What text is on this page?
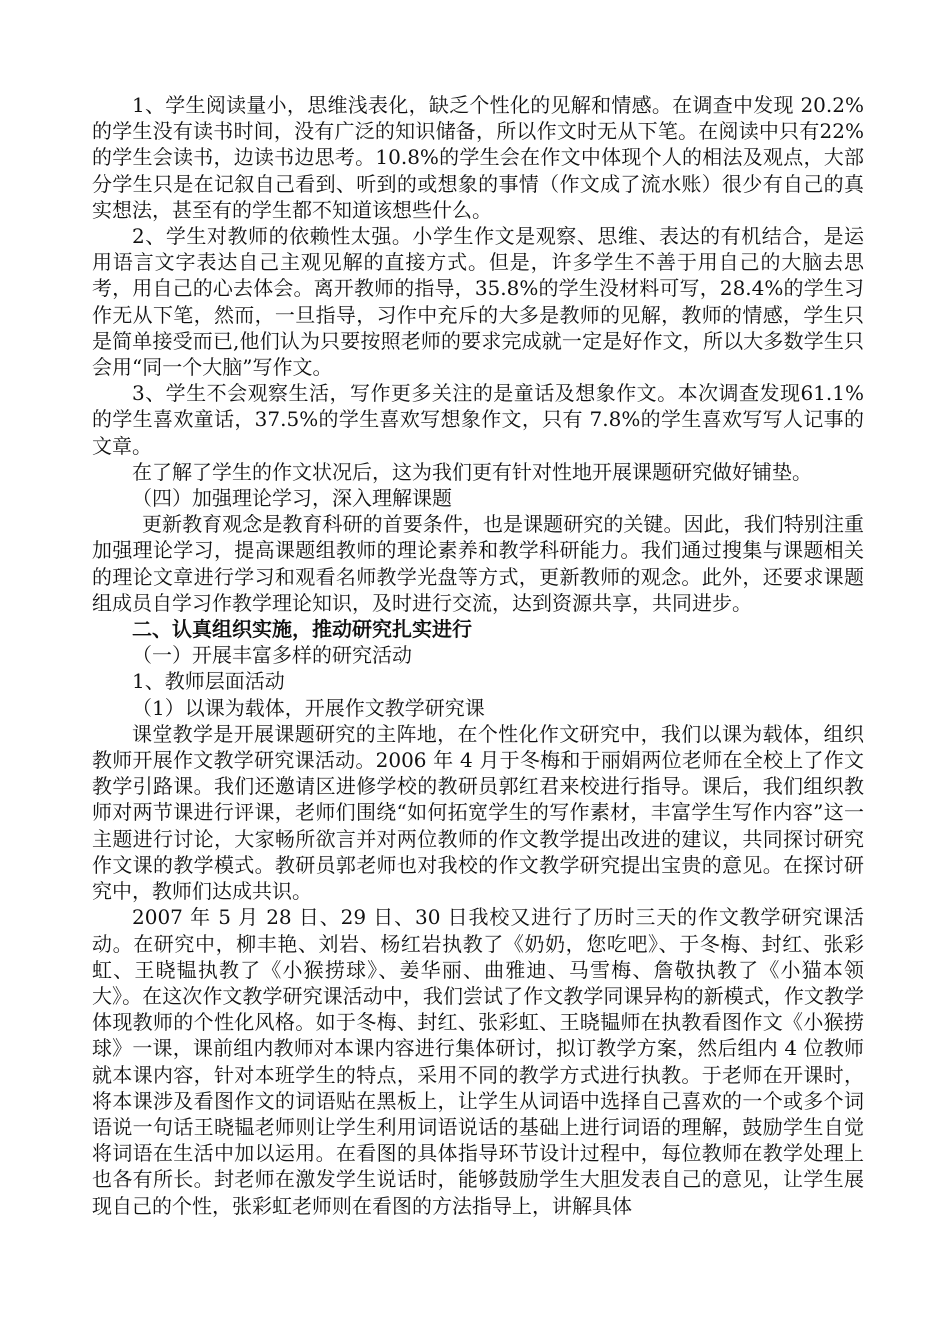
1、学生阅读量小，思维浅表化，缺乏个性化的见解和情感。在调查中发现 20.2%的学生没有读书时间，没有广泛的知识储备，所以作文时无从下笔。在阅读中只有22%的学生会读书，边读书边思考。10.8%的学生会在作文中体现个人的相法及观点，大部分学生只是在记叙自己看到、听到的或想象的事情（作文成了流水账）很少有自己的真实想法，甚至有的学生都不知道该想些什么。

2、学生对教师的依赖性太强。小学生作文是观察、思维、表达的有机结合，是运用语言文字表达自己主观见解的直接方式。但是，许多学生不善于用自己的大脑去思考，用自己的心去体会。离开教师的指导，35.8%的学生没材料可写，28.4%的学生习作无从下笔，然而，一旦指导，习作中充斥的大多是教师的见解，教师的情感，学生只是简单接受而已,他们认为只要按照老师的要求完成就一定是好作文，所以大多数学生只会用“同一个大脑”写作文。

3、学生不会观察生活，写作更多关注的是童话及想象作文。本次调查发现61.1%的学生喜欢童话，37.5%的学生喜欢写想象作文，只有 7.8%的学生喜欢写写人记事的文章。

在了解了学生的作文状况后，这为我们更有针对性地开展课题研究做好铺垫。

（四）加强理论学习，深入理解课题

更新教育观念是教育科研的首要条件，也是课题研究的关键。因此，我们特别注重加强理论学习，提高课题组教师的理论素养和教学科研能力。我们通过搜集与课题相关的理论文章进行学习和观看名师教学光盘等方式，更新教师的观念。此外，还要求课题组成员自学习作教学理论知识，及时进行交流，达到资源共享，共同进步。

二、认真组织实施，推动研究扎实进行

（一）开展丰富多样的研究活动

1、教师层面活动

（1）以课为载体，开展作文教学研究课

课堂教学是开展课题研究的主阵地，在个性化作文研究中，我们以课为载体，组织教师开展作文教学研究课活动。2006 年 4 月于冬梅和于丽娟两位老师在全校上了作文教学引路课。我们还邀请区进修学校的教研员郭红君来校进行指导。课后，我们组织教师对两节课进行评课，老师们围绕“如何拓宽学生的写作素材，丰富学生写作内容”这一主题进行讨论，大家畅所欲言并对两位教师的作文教学提出改进的建议，共同探讨研究作文课的教学模式。教研员郭老师也对我校的作文教学研究提出宝贵的意见。在探讨研究中，教师们达成共识。

2007 年 5 月 28 日、29 日、30 日我校又进行了历时三天的作文教学研究课活动。在研究中，柳丰艳、刘岩、杨红岩执教了《奶奶，您吃吧》、于冬梅、封红、张彩虹、王晓韫执教了《小猴捞球》、姜华丽、曲雅迪、马雪梅、詹敬执教了《小猫本领大》。在这次作文教学研究课活动中，我们尝试了作文教学同课异构的新模式，作文教学体现教师的个性化风格。如于冬梅、封红、张彩虹、王晓韫师在执教看图作文《小猴捞球》一课，课前组内教师对本课内容进行集体研讨，拟订教学方案，然后组内 4 位教师就本课内容，针对本班学生的特点，采用不同的教学方式进行执教。于老师在开课时，将本课涉及看图作文的词语贴在黑板上，让学生从词语中选择自己喜欢的一个或多个词语说一句话王晓韫老师则让学生利用词语说话的基础上进行词语的理解，鼓励学生自觉将词语在生活中加以运用。在看图的具体指导环节设计过程中，每位教师在教学处理上也各有所长。封老师在激发学生说话时，能够鼓励学生大胆发表自己的意见，让学生展现自己的个性，张彩虹老师则在看图的方法指导上，讲解具体
